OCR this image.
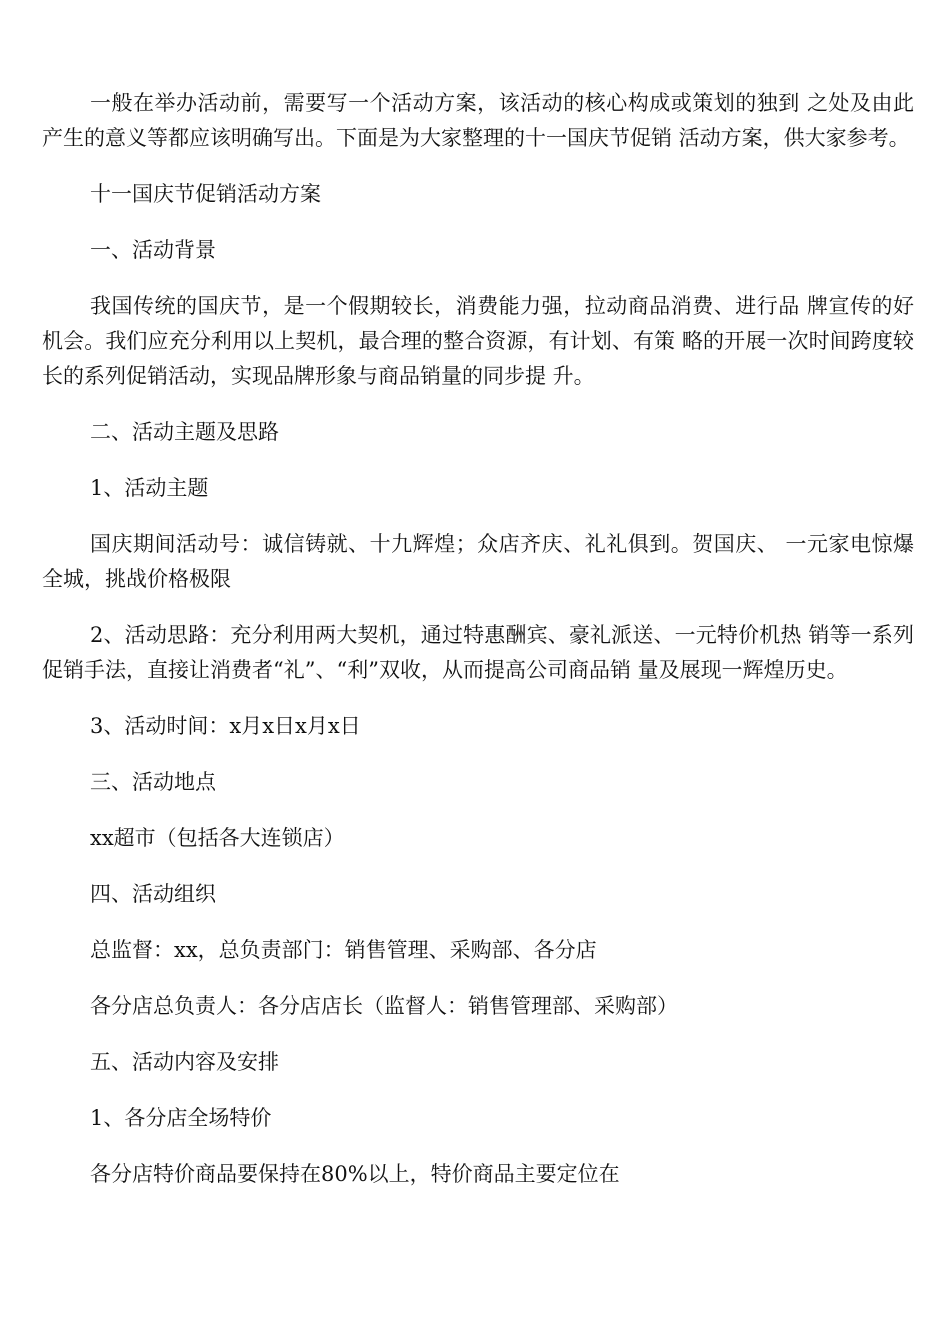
一般在举办活动前，需要写一个活动方案，该活动的核心构成或策划的独到 之处及由此产生的意义等都应该明确写出。下面是为大家整理的十一国庆节促销 活动方案，供大家参考。

十一国庆节促销活动方案

一、活动背景

我国传统的国庆节，是一个假期较长，消费能力强，拉动商品消费、进行品 牌宣传的好机会。我们应充分利用以上契机，最合理的整合资源，有计划、有策 略的开展一次时间跨度较长的系列促销活动，实现品牌形象与商品销量的同步提 升。

二、活动主题及思路

1、活动主题

国庆期间活动号：诚信铸就、十九辉煌；众店齐庆、礼礼俱到。贺国庆、 一元家电惊爆全城，挑战价格极限

2、活动思路：充分利用两大契机，通过特惠酬宾、豪礼派送、一元特价机热 销等一系列促销手法，直接让消费者“礼”、“利”双收，从而提高公司商品销 量及展现一辉煌历史。

3、活动时间：x月x日x月x日

三、活动地点

xx超市（包括各大连锁店）

四、活动组织

总监督：xx，总负责部门：销售管理、采购部、各分店

各分店总负责人：各分店店长（监督人：销售管理部、采购部）

五、活动内容及安排

1、各分店全场特价

各分店特价商品要保持在80%以上，特价商品主要定位在
